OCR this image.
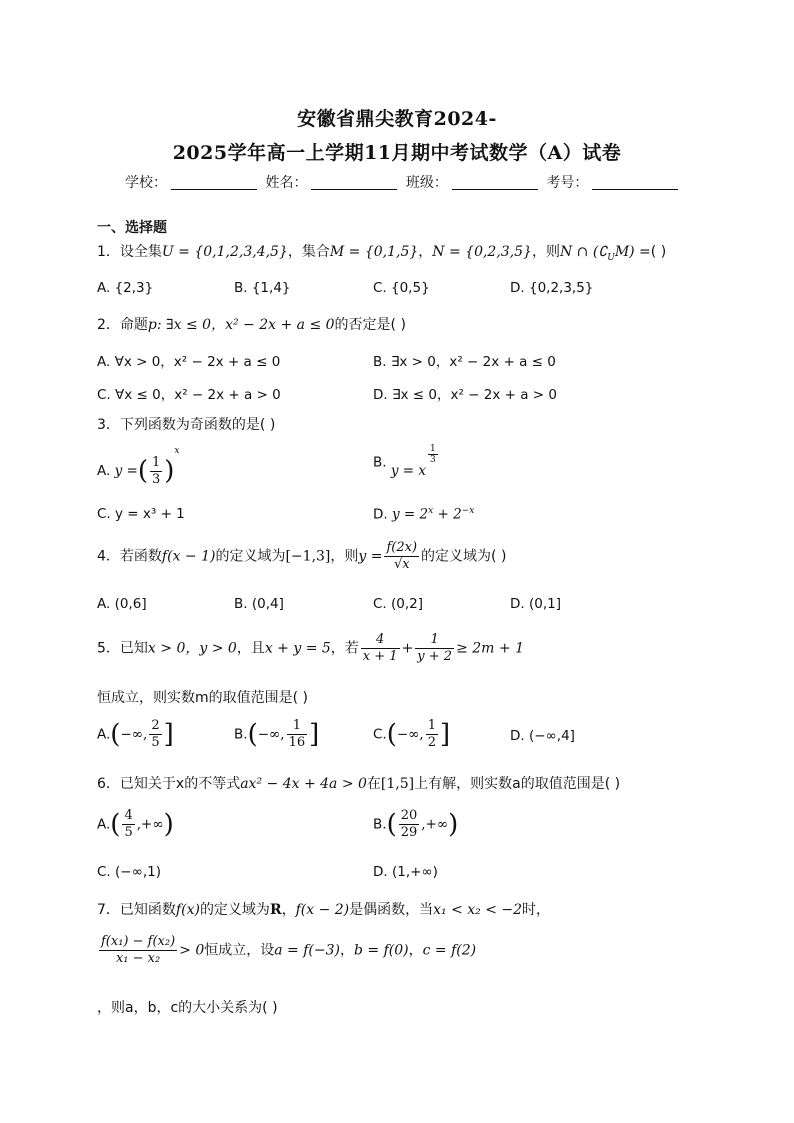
安徽省鼎尖教育2024-
2025学年高一上学期11月期中考试数学（A）试卷
学校：	姓名：	班级：	考号：
一、选择题
1．设全集U = {0,1,2,3,4,5}，集合M = {0,1,5}，N = {0,2,3,5}，则N ∩ $(∁_UM)$ =( )
A. {2,3}	B. {1,4}	C. {0,5}	D. {0,2,3,5}
2．命题p: ∃x ≤ 0，x² − 2x + a ≤ 0的否定是( )
A. ∀x > 0，x² − 2x + a ≤ 0	B. ∃x > 0，x² − 2x + a ≤ 0
C. ∀x ≤ 0，x² − 2x + a > 0	D. ∃x ≤ 0，x² − 2x + a > 0
3．下列函数为奇函数的是( )
A. y =( $\frac{1}{3} )^x$
B. y = x
$\frac{1}{3}$
C. y = x³ + 1	D. $y = 2^x + 2^{-x}$
4．若函数f(x − 1)的定义域为[−1,3]，则$y = \frac{f(2x)}{√x}$ 的定义域为( )
A. (0,6]	B. (0,4]	C. (0,2]	D. (0,1]
5．已知x > 0，y > 0，且x + y = 5，若 $\frac{4}{x + 1} + \frac{1}{y + 2} \ge 2m + 1$
恒成立，则实数m的取值范围是( )
A.(−∞, $\frac{2}{5}$ ]	B.(−∞, $\frac{1}{16}$ ]	C.(−∞, $\frac{1}{2}$ ]	D. (−∞,4]
6．已知关于x的不等式ax² − 4x + 4a > 0在[1,5]上有解，则实数a的取值范围是( )
$A.( \frac{4}{5}$ ,+∞)	$B.( \frac{20}{29}$ ,+∞)
C. (−∞,1)	D. (1,+∞)
7．已知函数f(x)的定义域为R，f(x − 2)是偶函数，当x₁ < x₂ < −2时，
$\frac{\text{f(x₁) − f(x₂)}}{\text{x₁ − x₂}} > 0$恒成立，设a = f(−3)，b = f(0)，c = f(2)
，则a，b，c的大小关系为( )
